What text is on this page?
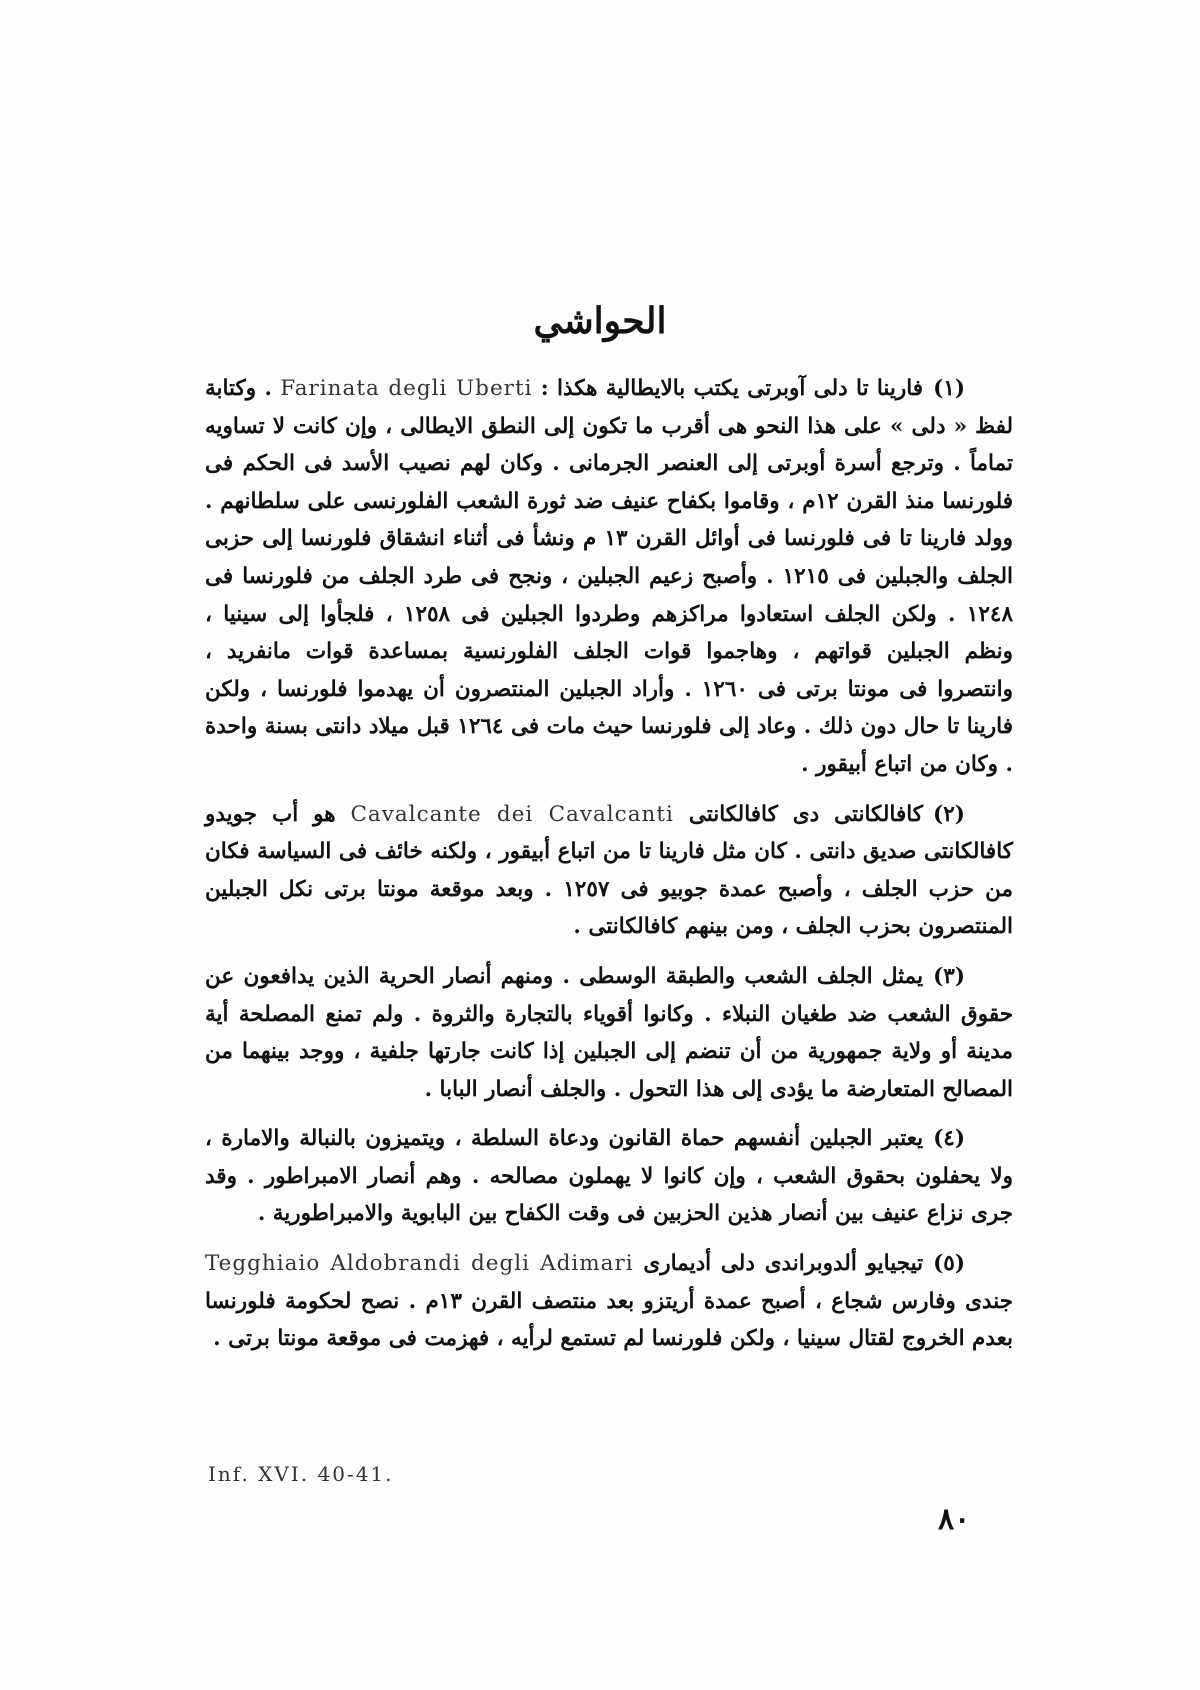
الحواشي

(١)فارينا تا دلى آوبرتى يكتب بالايطالية هكذا : Farinata degli Uberti . وكتابة لفظ « دلى » على هذا النحو هى أقرب ما تكون إلى النطق الايطالى ، وإن كانت لا تساويه تماماً . وترجع أسرة أوبرتى إلى العنصر الجرمانى . وكان لهم نصيب الأسد فى الحكم فى فلورنسا منذ القرن ١٢م ، وقاموا بكفاح عنيف ضد ثورة الشعب الفلورنسى على سلطانهم . وولد فارينا تا فى فلورنسا فى أوائل القرن ١٣ م ونشأ فى أثناء انشقاق فلورنسا إلى حزبى الجلف والجبلين فى ١٢١٥ . وأصبح زعيم الجبلين ، ونجح فى طرد الجلف من فلورنسا فى ١٢٤٨ . ولكن الجلف استعادوا مراكزهم وطردوا الجبلين فى ١٢٥٨ ، فلجأوا إلى سينيا ، ونظم الجبلين قواتهم ، وهاجموا قوات الجلف الفلورنسية بمساعدة قوات مانفريد ، وانتصروا فى مونتا برتى فى ١٢٦٠ . وأراد الجبلين المنتصرون أن يهدموا فلورنسا ، ولكن فارينا تا حال دون ذلك . وعاد إلى فلورنسا حيث مات فى ١٢٦٤ قبل ميلاد دانتى بسنة واحدة . وكان من اتباع أبيقور .

(٢)كافالكانتى دى كافالكانتى Cavalcante dei Cavalcanti هو أب جويدو كافالكانتى صديق دانتى . كان مثل فارينا تا من اتباع أبيقور ، ولكنه خائف فى السياسة فكان من حزب الجلف ، وأصبح عمدة جوبيو فى ١٢٥٧ . وبعد موقعة مونتا برتى نكل الجبلين المنتصرون بحزب الجلف ، ومن بينهم كافالكانتى .

(٣)يمثل الجلف الشعب والطبقة الوسطى . ومنهم أنصار الحرية الذين يدافعون عن حقوق الشعب ضد طغيان النبلاء . وكانوا أقوياء بالتجارة والثروة . ولم تمنع المصلحة أية مدينة أو ولاية جمهورية من أن تنضم إلى الجبلين إذا كانت جارتها جلفية ، ووجد بينهما من المصالح المتعارضة ما يؤدى إلى هذا التحول . والجلف أنصار البابا .

(٤)يعتبر الجبلين أنفسهم حماة القانون ودعاة السلطة ، ويتميزون بالنبالة والامارة ، ولا يحفلون بحقوق الشعب ، وإن كانوا لا يهملون مصالحه . وهم أنصار الامبراطور . وقد جرى نزاع عنيف بين أنصار هذين الحزبين فى وقت الكفاح بين البابوية والامبراطورية .

(٥)تيجيايو ألدوبراندى دلى أديمارى Tegghiaio Aldobrandi degli Adimari جندى وفارس شجاع ، أصبح عمدة أريتزو بعد منتصف القرن ١٣م . نصح لحكومة فلورنسا بعدم الخروج لقتال سينيا ، ولكن فلورنسا لم تستمع لرأيه ، فهزمت فى موقعة مونتا برتى .

Inf. XVI. 40-41.
٨٠
